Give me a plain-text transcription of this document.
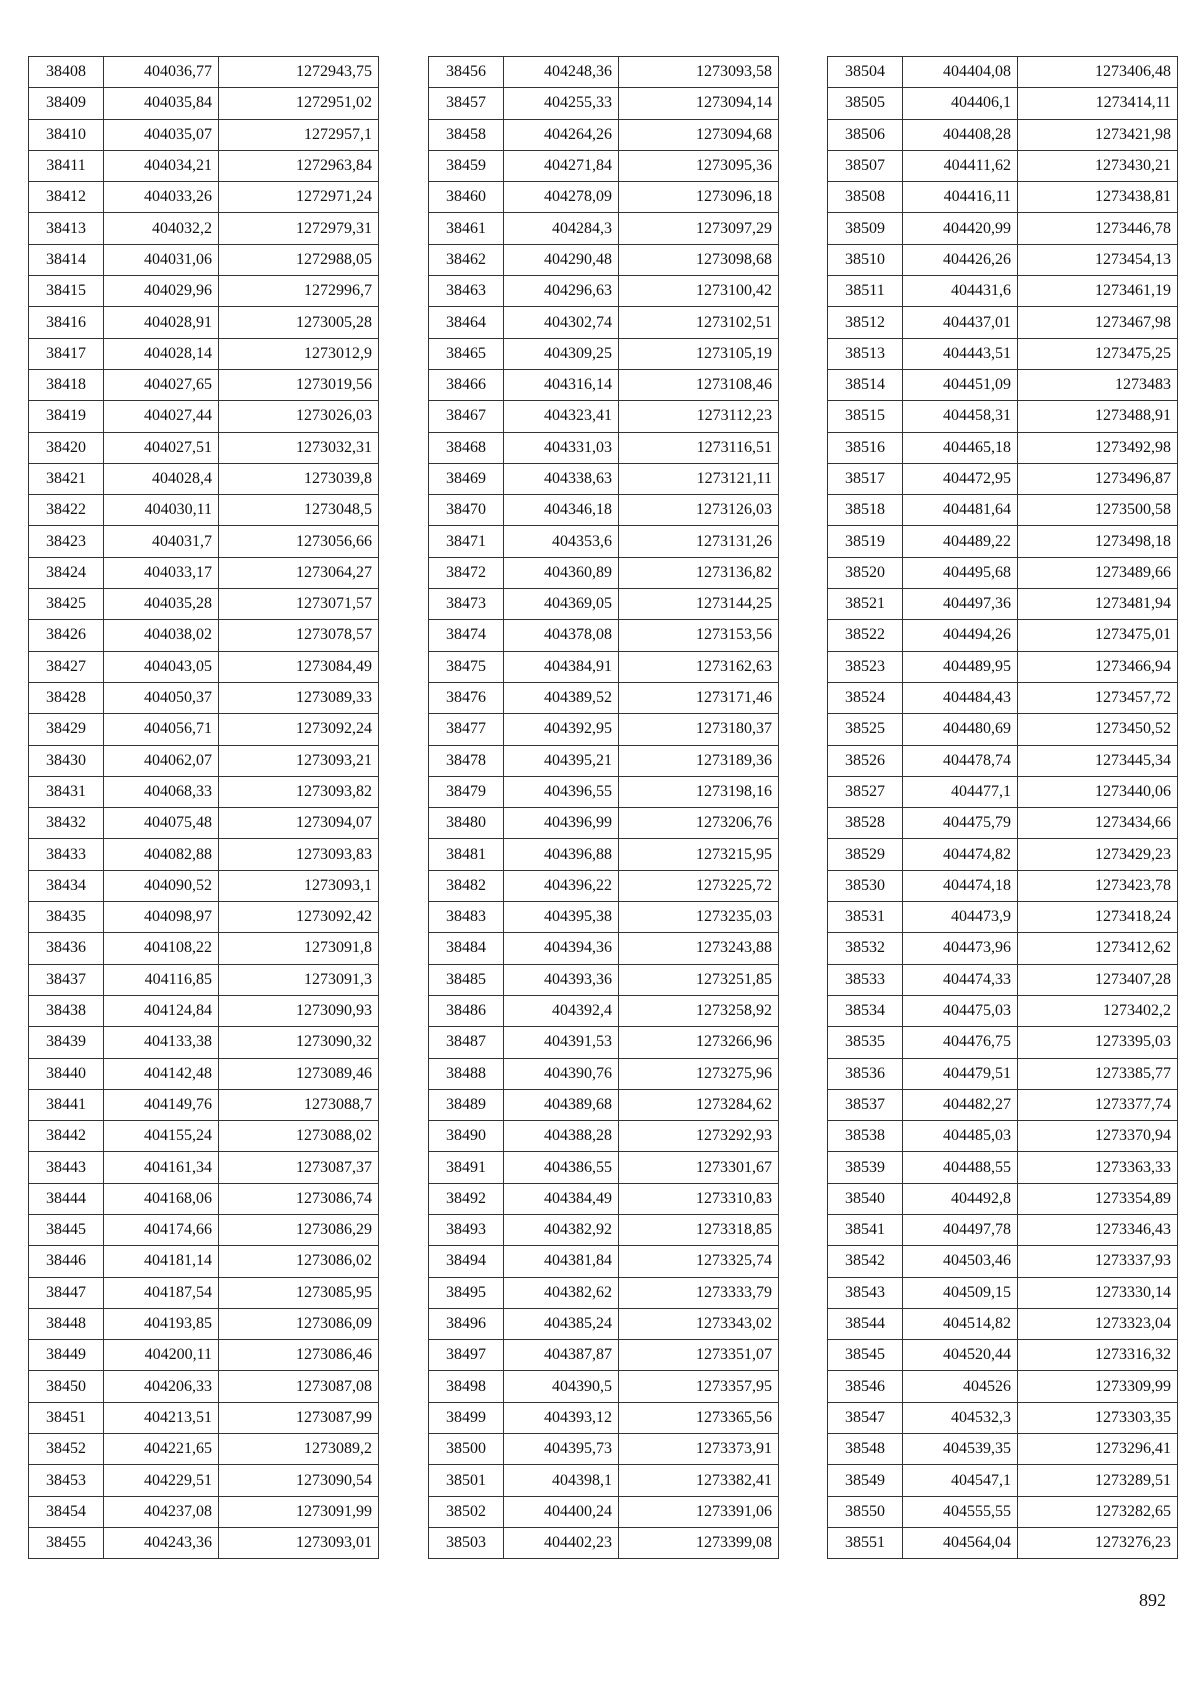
38408	404036,77	1272943,75
38409	404035,84	1272951,02
38410	404035,07	1272957,1
38411	404034,21	1272963,84
38412	404033,26	1272971,24
38413	404032,2	1272979,31
38414	404031,06	1272988,05
38415	404029,96	1272996,7
38416	404028,91	1273005,28
38417	404028,14	1273012,9
38418	404027,65	1273019,56
38419	404027,44	1273026,03
38420	404027,51	1273032,31
38421	404028,4	1273039,8
38422	404030,11	1273048,5
38423	404031,7	1273056,66
38424	404033,17	1273064,27
38425	404035,28	1273071,57
38426	404038,02	1273078,57
38427	404043,05	1273084,49
38428	404050,37	1273089,33
38429	404056,71	1273092,24
38430	404062,07	1273093,21
38431	404068,33	1273093,82
38432	404075,48	1273094,07
38433	404082,88	1273093,83
38434	404090,52	1273093,1
38435	404098,97	1273092,42
38436	404108,22	1273091,8
38437	404116,85	1273091,3
38438	404124,84	1273090,93
38439	404133,38	1273090,32
38440	404142,48	1273089,46
38441	404149,76	1273088,7
38442	404155,24	1273088,02
38443	404161,34	1273087,37
38444	404168,06	1273086,74
38445	404174,66	1273086,29
38446	404181,14	1273086,02
38447	404187,54	1273085,95
38448	404193,85	1273086,09
38449	404200,11	1273086,46
38450	404206,33	1273087,08
38451	404213,51	1273087,99
38452	404221,65	1273089,2
38453	404229,51	1273090,54
38454	404237,08	1273091,99
38455	404243,36	1273093,01
38456	404248,36	1273093,58
38457	404255,33	1273094,14
38458	404264,26	1273094,68
38459	404271,84	1273095,36
38460	404278,09	1273096,18
38461	404284,3	1273097,29
38462	404290,48	1273098,68
38463	404296,63	1273100,42
38464	404302,74	1273102,51
38465	404309,25	1273105,19
38466	404316,14	1273108,46
38467	404323,41	1273112,23
38468	404331,03	1273116,51
38469	404338,63	1273121,11
38470	404346,18	1273126,03
38471	404353,6	1273131,26
38472	404360,89	1273136,82
38473	404369,05	1273144,25
38474	404378,08	1273153,56
38475	404384,91	1273162,63
38476	404389,52	1273171,46
38477	404392,95	1273180,37
38478	404395,21	1273189,36
38479	404396,55	1273198,16
38480	404396,99	1273206,76
38481	404396,88	1273215,95
38482	404396,22	1273225,72
38483	404395,38	1273235,03
38484	404394,36	1273243,88
38485	404393,36	1273251,85
38486	404392,4	1273258,92
38487	404391,53	1273266,96
38488	404390,76	1273275,96
38489	404389,68	1273284,62
38490	404388,28	1273292,93
38491	404386,55	1273301,67
38492	404384,49	1273310,83
38493	404382,92	1273318,85
38494	404381,84	1273325,74
38495	404382,62	1273333,79
38496	404385,24	1273343,02
38497	404387,87	1273351,07
38498	404390,5	1273357,95
38499	404393,12	1273365,56
38500	404395,73	1273373,91
38501	404398,1	1273382,41
38502	404400,24	1273391,06
38503	404402,23	1273399,08
38504	404404,08	1273406,48
38505	404406,1	1273414,11
38506	404408,28	1273421,98
38507	404411,62	1273430,21
38508	404416,11	1273438,81
38509	404420,99	1273446,78
38510	404426,26	1273454,13
38511	404431,6	1273461,19
38512	404437,01	1273467,98
38513	404443,51	1273475,25
38514	404451,09	1273483
38515	404458,31	1273488,91
38516	404465,18	1273492,98
38517	404472,95	1273496,87
38518	404481,64	1273500,58
38519	404489,22	1273498,18
38520	404495,68	1273489,66
38521	404497,36	1273481,94
38522	404494,26	1273475,01
38523	404489,95	1273466,94
38524	404484,43	1273457,72
38525	404480,69	1273450,52
38526	404478,74	1273445,34
38527	404477,1	1273440,06
38528	404475,79	1273434,66
38529	404474,82	1273429,23
38530	404474,18	1273423,78
38531	404473,9	1273418,24
38532	404473,96	1273412,62
38533	404474,33	1273407,28
38534	404475,03	1273402,2
38535	404476,75	1273395,03
38536	404479,51	1273385,77
38537	404482,27	1273377,74
38538	404485,03	1273370,94
38539	404488,55	1273363,33
38540	404492,8	1273354,89
38541	404497,78	1273346,43
38542	404503,46	1273337,93
38543	404509,15	1273330,14
38544	404514,82	1273323,04
38545	404520,44	1273316,32
38546	404526	1273309,99
38547	404532,3	1273303,35
38548	404539,35	1273296,41
38549	404547,1	1273289,51
38550	404555,55	1273282,65
38551	404564,04	1273276,23
892
